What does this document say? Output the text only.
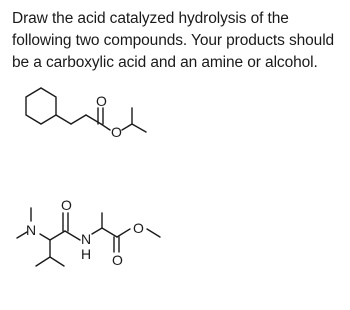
Draw the acid catalyzed hydrolysis of the following two compounds. Your products should be a carboxylic acid and an amine or alcohol.

O
O
N
O
N
H
O
O
